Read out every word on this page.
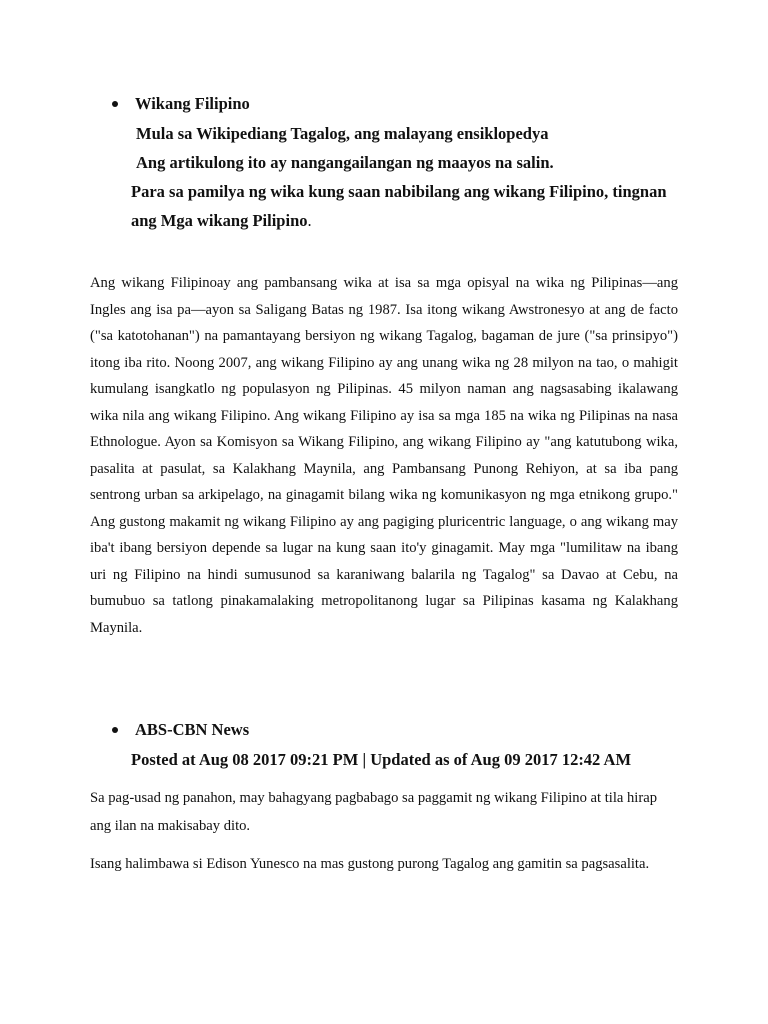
Wikang Filipino
Mula sa Wikipediang Tagalog, ang malayang ensiklopedya
Ang artikulong ito ay nangangailangan ng maayos na salin.
Para sa pamilya ng wika kung saan nabibilang ang wikang Filipino, tingnan
ang Mga wikang Pilipino.

Ang wikang Filipinoay ang pambansang wika at isa sa mga opisyal na wika ng Pilipinas—ang Ingles ang isa pa—ayon sa Saligang Batas ng 1987. Isa itong wikang Awstronesyo at ang de facto ("sa katotohanan") na pamantayang bersiyon ng wikang Tagalog, bagaman de jure ("sa prinsipyo") itong iba rito. Noong 2007, ang wikang Filipino ay ang unang wika ng 28 milyon na tao, o mahigit kumulang isangkatlo ng populasyon ng Pilipinas. 45 milyon naman ang nagsasabing ikalawang wika nila ang wikang Filipino. Ang wikang Filipino ay isa sa mga 185 na wika ng Pilipinas na nasa Ethnologue. Ayon sa Komisyon sa Wikang Filipino, ang wikang Filipino ay "ang katutubong wika, pasalita at pasulat, sa Kalakhang Maynila, ang Pambansang Punong Rehiyon, at sa iba pang sentrong urban sa arkipelago, na ginagamit bilang wika ng komunikasyon ng mga etnikong grupo." Ang gustong makamit ng wikang Filipino ay ang pagiging pluricentric language, o ang wikang may iba't ibang bersiyon depende sa lugar na kung saan ito'y ginagamit. May mga "lumilitaw na ibang uri ng Filipino na hindi sumusunod sa karaniwang balarila ng Tagalog" sa Davao at Cebu, na bumubuo sa tatlong pinakamalaking metropolitanong lugar sa Pilipinas kasama ng Kalakhang Maynila.

ABS-CBN News
Posted at Aug 08 2017 09:21 PM | Updated as of Aug 09 2017 12:42 AM

Sa pag-usad ng panahon, may bahagyang pagbabago sa paggamit ng wikang Filipino at tila hirap ang ilan na makisabay dito.

Isang halimbawa si Edison Yunesco na mas gustong purong Tagalog ang gamitin sa pagsasalita.
